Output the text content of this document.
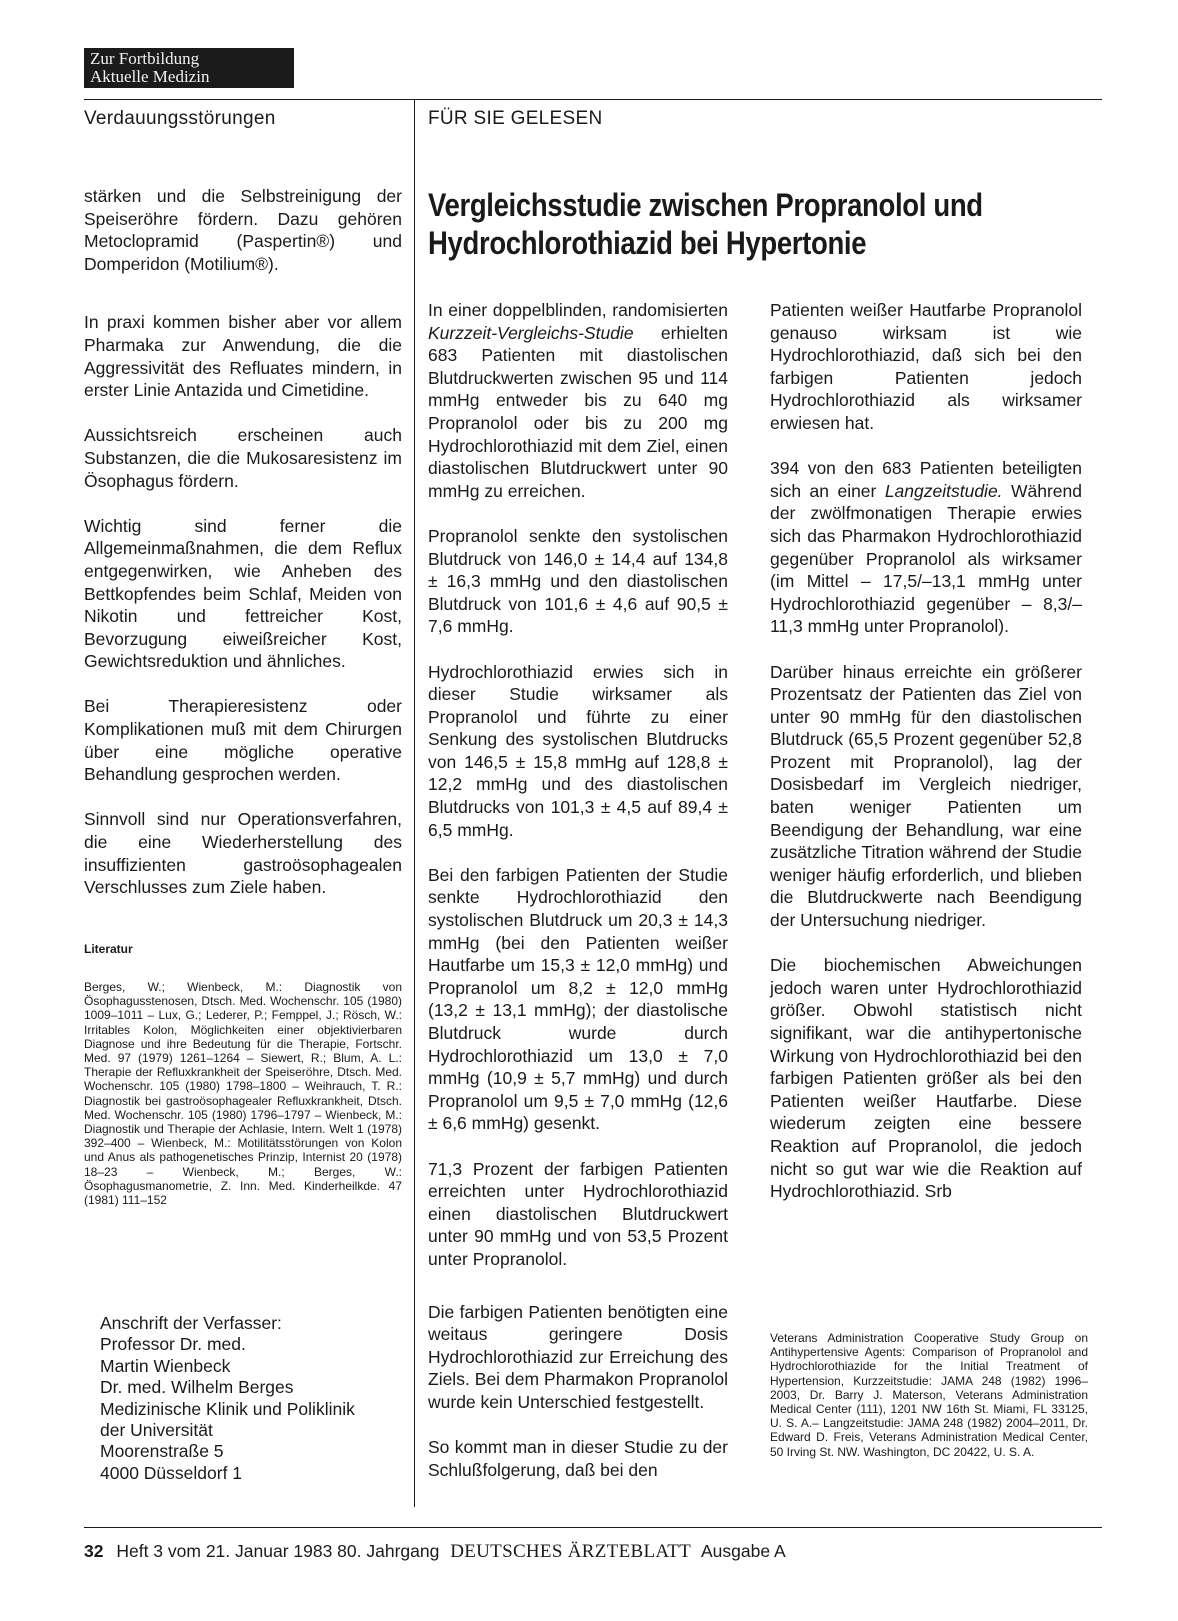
Zur Fortbildung
Aktuelle Medizin
Verdauungsstörungen	FÜR SIE GELESEN
Vergleichsstudie zwischen Propranolol und
Hydrochlorothiazid bei Hypertonie

stärken und die Selbstreinigung der Speiseröhre fördern. Dazu gehören Metoclopramid (Paspertin®) und Domperidon (Motilium®).

In praxi kommen bisher aber vor allem Pharmaka zur Anwendung, die die Aggressivität des Refluates mindern, in erster Linie Antazida und Cimetidine.

Aussichtsreich erscheinen auch Substanzen, die die Mukosaresistenz im Ösophagus fördern.

Wichtig sind ferner die Allgemeinmaßnahmen, die dem Reflux entgegenwirken, wie Anheben des Bettkopfendes beim Schlaf, Meiden von Nikotin und fettreicher Kost, Bevorzugung eiweißreicher Kost, Gewichtsreduktion und ähnliches.

Bei Therapieresistenz oder Komplikationen muß mit dem Chirurgen über eine mögliche operative Behandlung gesprochen werden.

Sinnvoll sind nur Operationsverfahren, die eine Wiederherstellung des insuffizienten gastroösophagealen Verschlusses zum Ziele haben.

Literatur
Berges, W.; Wienbeck, M.: Diagnostik von Ösophagusstenosen, Dtsch. Med. Wochenschr. 105 (1980) 1009–1011 – Lux, G.; Lederer, P.; Femppel, J.; Rösch, W.: Irritables Kolon, Möglichkeiten einer objektivierbaren Diagnose und ihre Bedeutung für die Therapie, Fortschr. Med. 97 (1979) 1261–1264 – Siewert, R.; Blum, A. L.: Therapie der Refluxkrankheit der Speiseröhre, Dtsch. Med. Wochenschr. 105 (1980) 1798–1800 – Weihrauch, T. R.: Diagnostik bei gastroösophagealer Refluxkrankheit, Dtsch. Med. Wochenschr. 105 (1980) 1796–1797 – Wienbeck, M.: Diagnostik und Therapie der Achlasie, Intern. Welt 1 (1978) 392–400 – Wienbeck, M.: Motilitätsstörungen von Kolon und Anus als pathogenetisches Prinzip, Internist 20 (1978) 18–23 – Wienbeck, M.; Berges, W.: Ösophagusmanometrie, Z. Inn. Med. Kinderheilkde. 47 (1981) 111–152
Anschrift der Verfasser:
Professor Dr. med.
Martin Wienbeck
Dr. med. Wilhelm Berges
Medizinische Klinik und Poliklinik
der Universität
Moorenstraße 5
4000 Düsseldorf 1

In einer doppelblinden, randomisierten Kurzzeit-Vergleichs-Studie erhielten 683 Patienten mit diastolischen Blutdruckwerten zwischen 95 und 114 mmHg entweder bis zu 640 mg Propranolol oder bis zu 200 mg Hydrochlorothiazid mit dem Ziel, einen diastolischen Blutdruckwert unter 90 mmHg zu erreichen.

Propranolol senkte den systolischen Blutdruck von 146,0 ± 14,4 auf 134,8 ± 16,3 mmHg und den diastolischen Blutdruck von 101,6 ± 4,6 auf 90,5 ± 7,6 mmHg.

Hydrochlorothiazid erwies sich in dieser Studie wirksamer als Propranolol und führte zu einer Senkung des systolischen Blutdrucks von 146,5 ± 15,8 mmHg auf 128,8 ± 12,2 mmHg und des diastolischen Blutdrucks von 101,3 ± 4,5 auf 89,4 ± 6,5 mmHg.

Bei den farbigen Patienten der Studie senkte Hydrochlorothiazid den systolischen Blutdruck um 20,3 ± 14,3 mmHg (bei den Patienten weißer Hautfarbe um 15,3 ± 12,0 mmHg) und Propranolol um 8,2 ± 12,0 mmHg (13,2 ± 13,1 mmHg); der diastolische Blutdruck wurde durch Hydrochlorothiazid um 13,0 ± 7,0 mmHg (10,9 ± 5,7 mmHg) und durch Propranolol um 9,5 ± 7,0 mmHg (12,6 ± 6,6 mmHg) gesenkt.

71,3 Prozent der farbigen Patienten erreichten unter Hydrochlorothiazid einen diastolischen Blutdruckwert unter 90 mmHg und von 53,5 Prozent unter Propranolol.

Die farbigen Patienten benötigten eine weitaus geringere Dosis Hydrochlorothiazid zur Erreichung des Ziels. Bei dem Pharmakon Propranolol wurde kein Unterschied festgestellt.

So kommt man in dieser Studie zu der Schlußfolgerung, daß bei den

Patienten weißer Hautfarbe Propranolol genauso wirksam ist wie Hydrochlorothiazid, daß sich bei den farbigen Patienten jedoch Hydrochlorothiazid als wirksamer erwiesen hat.

394 von den 683 Patienten beteiligten sich an einer Langzeitstudie. Während der zwölfmonatigen Therapie erwies sich das Pharmakon Hydrochlorothiazid gegenüber Propranolol als wirksamer (im Mittel – 17,5/–13,1 mmHg unter Hydrochlorothiazid gegenüber – 8,3/–11,3 mmHg unter Propranolol).

Darüber hinaus erreichte ein größerer Prozentsatz der Patienten das Ziel von unter 90 mmHg für den diastolischen Blutdruck (65,5 Prozent gegenüber 52,8 Prozent mit Propranolol), lag der Dosisbedarf im Vergleich niedriger, baten weniger Patienten um Beendigung der Behandlung, war eine zusätzliche Titration während der Studie weniger häufig erforderlich, und blieben die Blutdruckwerte nach Beendigung der Untersuchung niedriger.

Die biochemischen Abweichungen jedoch waren unter Hydrochlorothiazid größer. Obwohl statistisch nicht signifikant, war die antihypertonische Wirkung von Hydrochlorothiazid bei den farbigen Patienten größer als bei den Patienten weißer Hautfarbe. Diese wiederum zeigten eine bessere Reaktion auf Propranolol, die jedoch nicht so gut war wie die Reaktion auf Hydrochlorothiazid. Srb

Veterans Administration Cooperative Study Group on Antihypertensive Agents: Comparison of Propranolol and Hydrochlorothiazide for the Initial Treatment of Hypertension, Kurzzeitstudie: JAMA 248 (1982) 1996–2003, Dr. Barry J. Materson, Veterans Administration Medical Center (111), 1201 NW 16th St. Miami, FL 33125, U. S. A.– Langzeitstudie: JAMA 248 (1982) 2004–2011, Dr. Edward D. Freis, Veterans Administration Medical Center, 50 Irving St. NW. Washington, DC 20422, U. S. A.
32 Heft 3 vom 21. Januar 1983 80. Jahrgang DEUTSCHES ÄRZTEBLATT Ausgabe A
